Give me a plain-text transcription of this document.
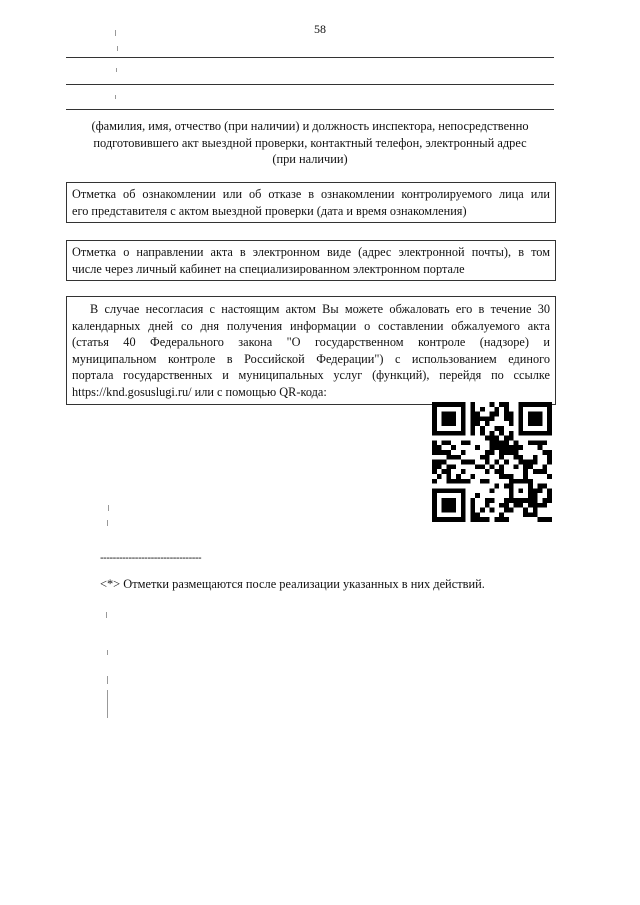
58
(фамилия, имя, отчество (при наличии) и должность инспектора, непосредственно
подготовившего акт выездной проверки, контактный телефон, электронный адрес
(при наличии)
Отметка об ознакомлении или об отказе в ознакомлении контролируемого лица или
его представителя с актом выездной проверки (дата и время ознакомления)
Отметка о направлении акта в электронном виде (адрес электронной почты), в том
числе через личный кабинет на специализированном электронном портале
В случае несогласия с настоящим актом Вы можете обжаловать его в течение 30
календарных дней со дня получения информации о составлении обжалуемого акта
(статья 40 Федерального закона "О государственном контроле (надзоре) и
муниципальном контроле в Российской Федерации") с использованием единого
портала государственных и муниципальных услуг (функций), перейдя по ссылке
https://knd.gosuslugi.ru/ или с помощью QR-кода:
--------------------------------
<*> Отметки размещаются после реализации указанных в них действий.
